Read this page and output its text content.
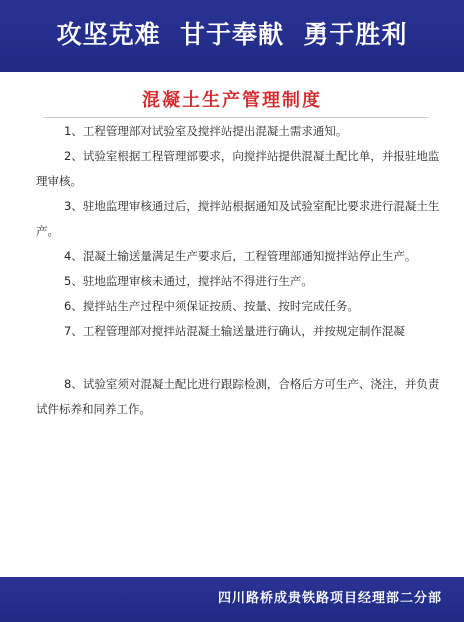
攻坚克难  甘于奉献  勇于胜利
混凝土生产管理制度

1、工程管理部对试验室及搅拌站提出混凝土需求通知。

2、试验室根据工程管理部要求，向搅拌站提供混凝土配比单，并报驻地监理审核。

3、驻地监理审核通过后，搅拌站根据通知及试验室配比要求进行混凝土生产。

4、混凝土输送量满足生产要求后，工程管理部通知搅拌站停止生产。

5、驻地监理审核未通过，搅拌站不得进行生产。

6、搅拌站生产过程中须保证按质、按量、按时完成任务。

7、工程管理部对搅拌站混凝土输送量进行确认，并按规定制作混凝

8、试验室须对混凝土配比进行跟踪检测，合格后方可生产、浇注，并负责试件标养和同养工作。

四川路桥成贵铁路项目经理部二分部
